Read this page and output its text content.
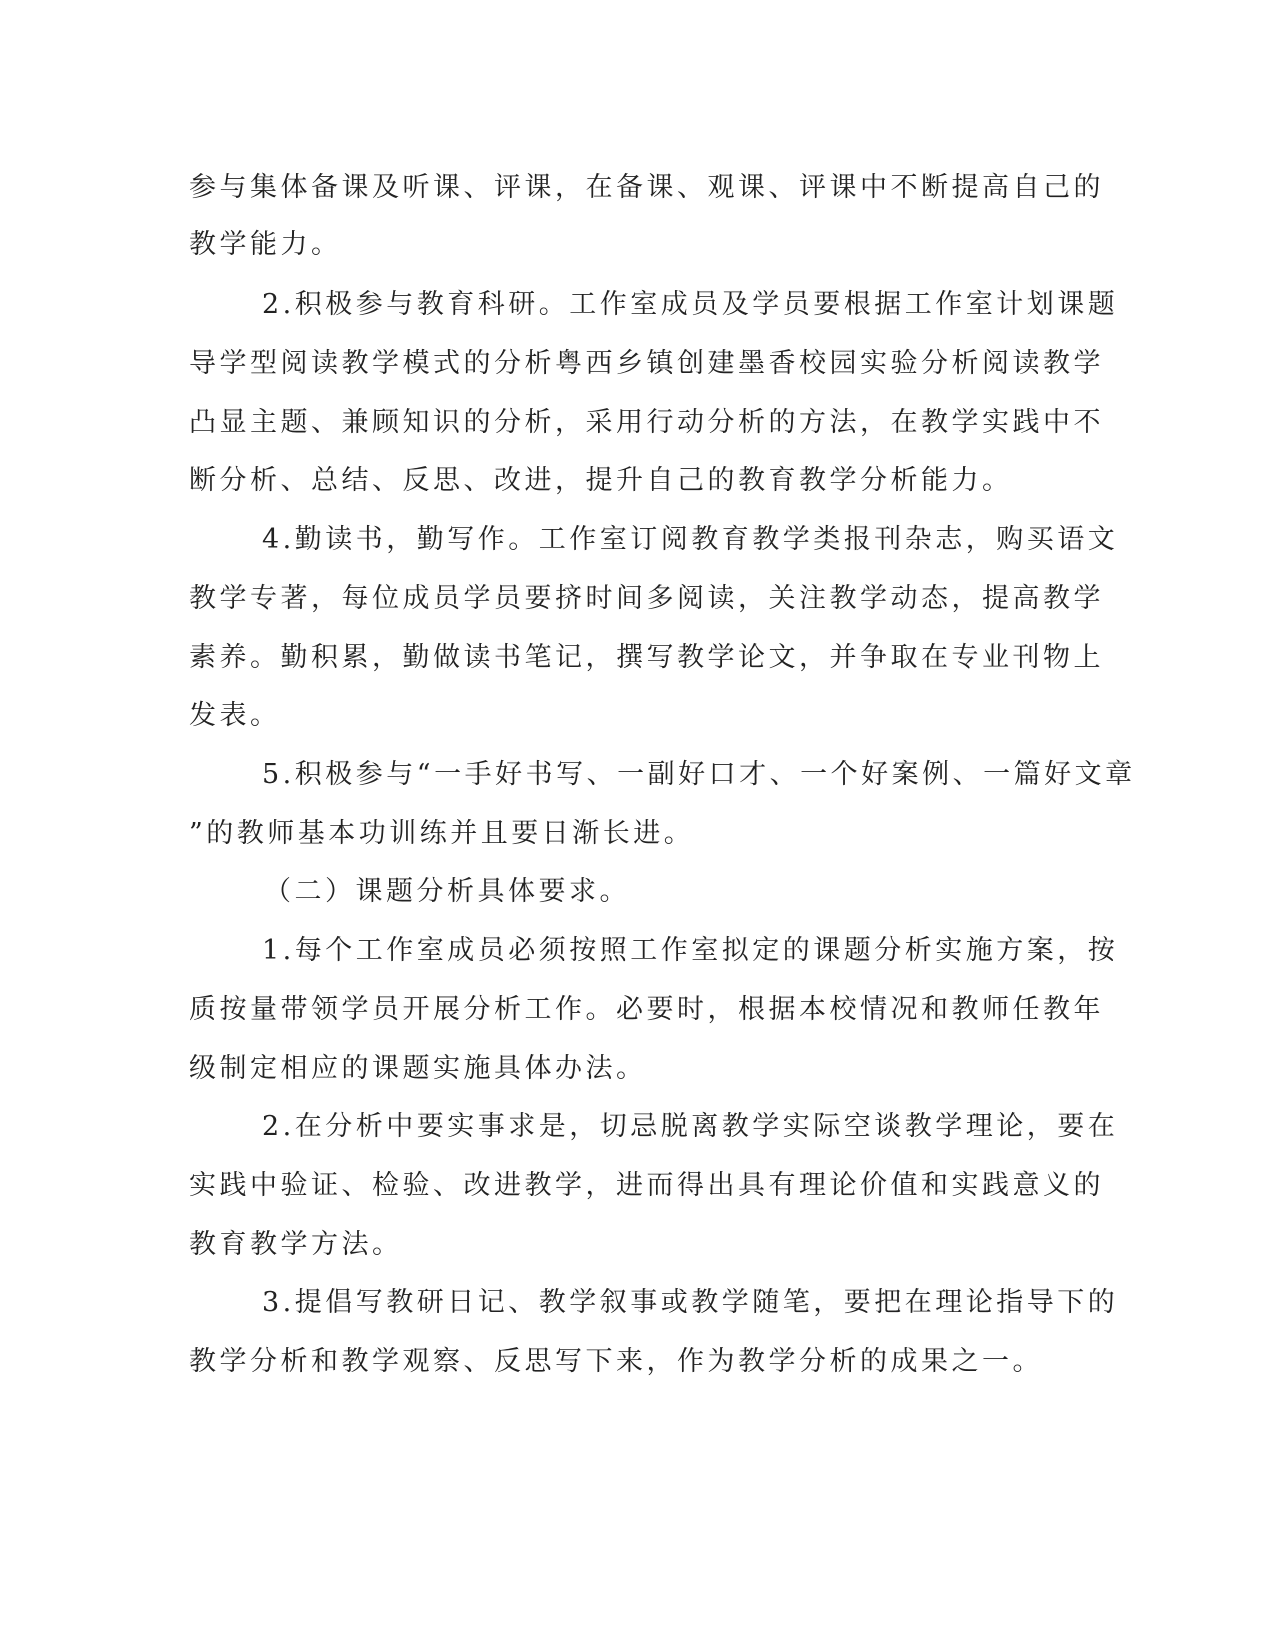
参与集体备课及听课、评课，在备课、观课、评课中不断提高自己的
教学能力。
2.积极参与教育科研。工作室成员及学员要根据工作室计划课题
导学型阅读教学模式的分析粤西乡镇创建墨香校园实验分析阅读教学
凸显主题、兼顾知识的分析，采用行动分析的方法，在教学实践中不
断分析、总结、反思、改进，提升自己的教育教学分析能力。
4.勤读书，勤写作。工作室订阅教育教学类报刊杂志，购买语文
教学专著，每位成员学员要挤时间多阅读，关注教学动态，提高教学
素养。勤积累，勤做读书笔记，撰写教学论文，并争取在专业刊物上
发表。
5.积极参与“一手好书写、一副好口才、一个好案例、一篇好文章
”的教师基本功训练并且要日渐长进。
（二）课题分析具体要求。
1.每个工作室成员必须按照工作室拟定的课题分析实施方案，按
质按量带领学员开展分析工作。必要时，根据本校情况和教师任教年
级制定相应的课题实施具体办法。
2.在分析中要实事求是，切忌脱离教学实际空谈教学理论，要在
实践中验证、检验、改进教学，进而得出具有理论价值和实践意义的
教育教学方法。
3.提倡写教研日记、教学叙事或教学随笔，要把在理论指导下的
教学分析和教学观察、反思写下来，作为教学分析的成果之一。
